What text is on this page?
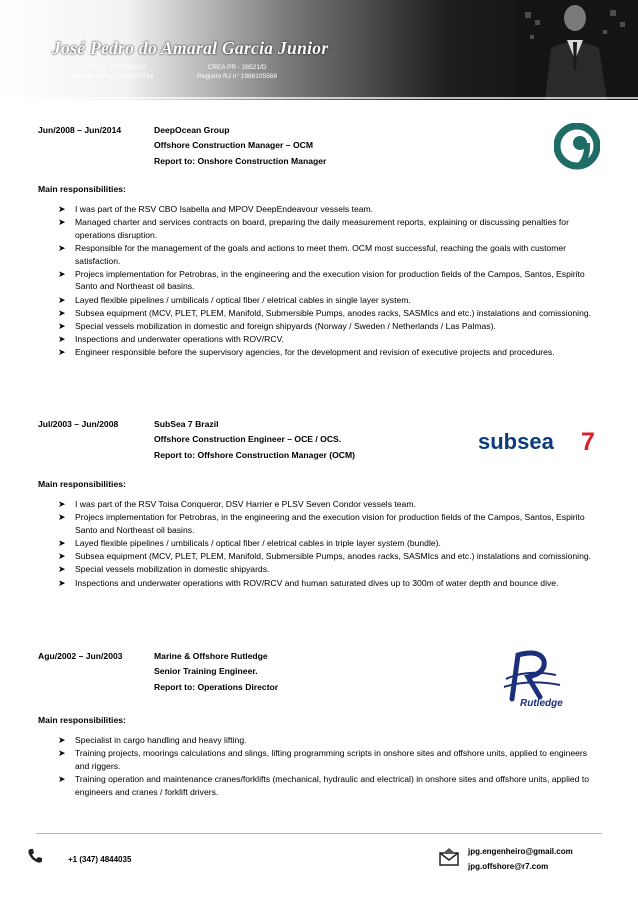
José Pedro do Amaral Garcia Junior
CONFEA 170708451-2
Registro SP n° 5060515714
CREA PR - 28521/D
Registro RJ n° 1986105568
Jun/2008 – Jun/2014	DeepOcean Group
Offshore Construction Manager – OCM
Report to: Onshore Construction Manager
Main responsibilities:
➤ I was part of the RSV CBO Isabella and MPOV DeepEndeavour vessels team.
➤ Managed charter and services contracts on board, preparing the daily measurement reports, explaining or discussing penalties for operations disruption.
➤ Responsible for the management of the goals and actions to meet them. OCM most successful, reaching the goals with customer satisfaction.
➤ Projecs implementation for Petrobras, in the engineering and the execution vision for production fields of the Campos, Santos, Espirito Santo and Northeast oil basins.
➤ Layed flexible pipelines / umbilicals / optical fiber / eletrical cables in single layer system.
➤ Subsea equipment (MCV, PLET, PLEM, Manifold, Submersible Pumps, anodes racks, SASMIcs and etc.) instalations and comissioning.
➤ Special vessels mobilization in domestic and foreign shipyards (Norway / Sweden / Netherlands / Las Palmas).
➤ Inspections and underwater operations with ROV/RCV.
➤ Engineer responsible before the supervisory agencies, for the development and revision of executive projects and procedures.
Jul/2003 – Jun/2008	SubSea 7 Brazil
Offshore Construction Engineer – OCE / OCS.
Report to: Offshore Construction Manager (OCM)
subsea 7
Main responsibilities:
➤ I was part of the RSV Toisa Conqueror, DSV Harrier e PLSV Seven Condor vessels team.
➤ Projecs implementation for Petrobras, in the engineering and the execution vision for production fields of the Campos, Santos, Espirito Santo and Northeast oil basins.
➤ Layed flexible pipelines / umbilicals / optical fiber / eletrical cables in triple layer system (bundle).
➤ Subsea equipment (MCV, PLET, PLEM, Manifold, Submersible Pumps, anodes racks, SASMIcs and etc.) instalations and comissioning.
➤ Special vessels mobilization in domestic shipyards.
➤ Inspections and underwater operations with ROV/RCV and human saturated dives up to 300m of water depth and bounce dive.
Agu/2002 – Jun/2003	Marine & Offshore Rutledge
Senior Training Engineer.
Report to: Operations Director
Rutledge
Main responsibilities:
➤ Specialist in cargo handling and heavy lifting.
➤ Training projects, moorings calculations and slings, lifting programming scripts in onshore sites and offshore units, applied to engineers and riggers.
➤ Training operation and maintenance cranes/forklifts (mechanical, hydraulic and electrical) in onshore sites and offshore units, applied to engineers and cranes / forklift drivers.
+1 (347) 4844035
jpg.engenheiro@gmail.com
jpg.offshore@r7.com
